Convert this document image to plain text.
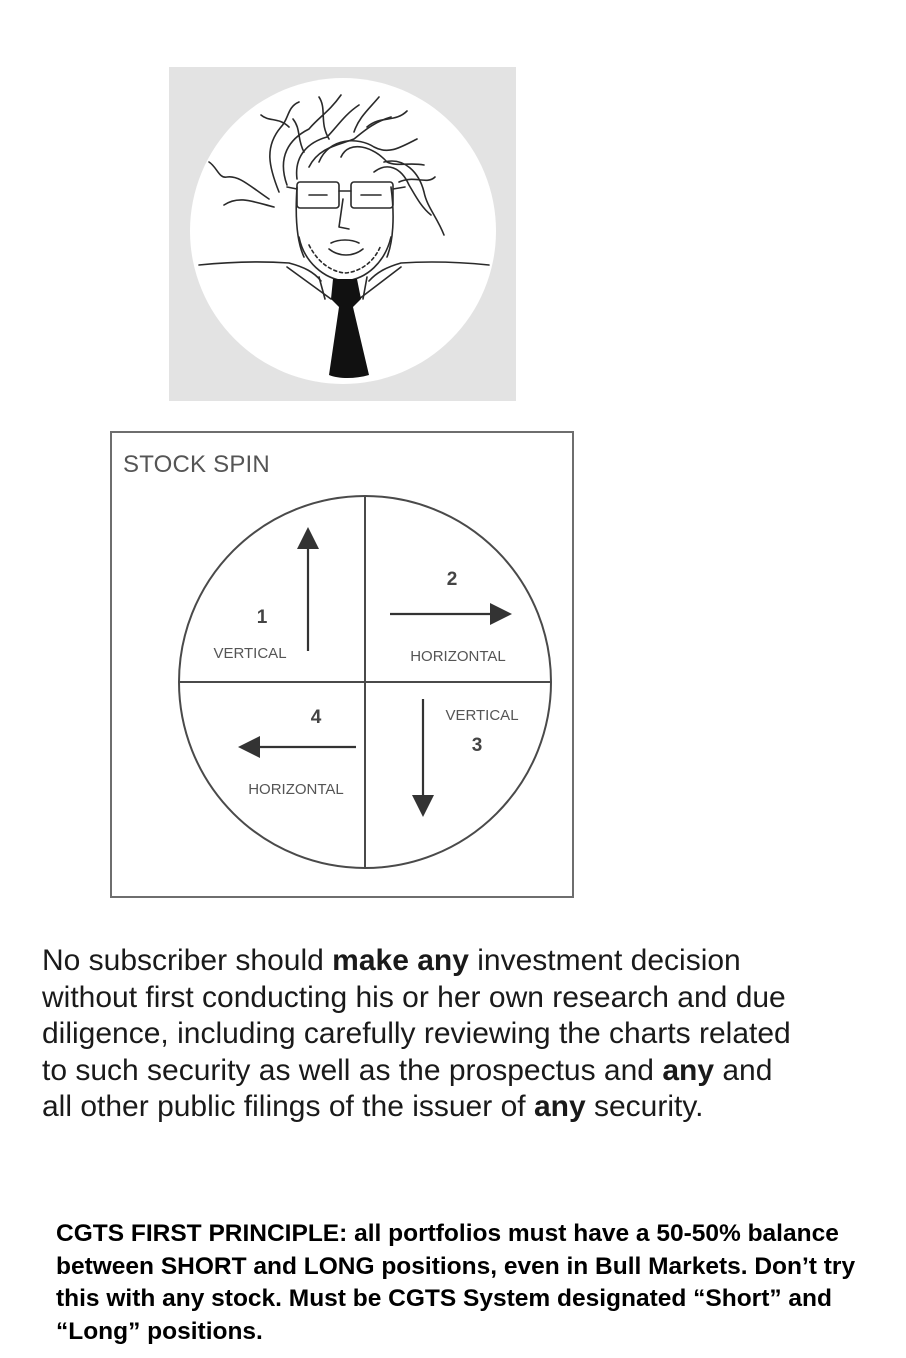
STOCK SPIN
1
VERTICAL
2
HORIZONTAL
VERTICAL
3
4
HORIZONTAL

No subscriber should make any investment decision without first conducting his or her own research and due diligence, including carefully reviewing the charts related to such security as well as the prospectus and any and all other public filings of the issuer of any security.

CGTS FIRST PRINCIPLE: all portfolios must have a 50-50% balance between SHORT and LONG positions, even in Bull Markets. Don’t try this with any stock. Must be CGTS System designated “Short” and “Long” positions.
